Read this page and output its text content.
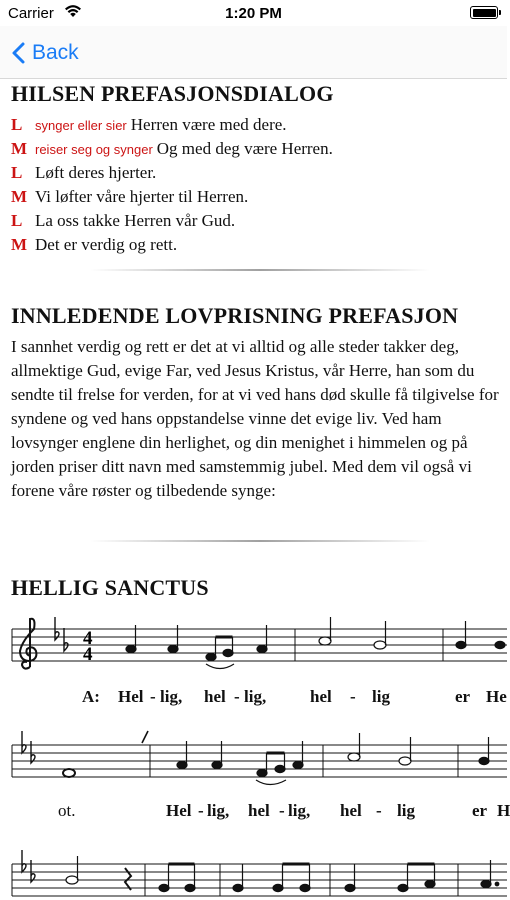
Carrier	1:20 PM
Back
HILSEN PREFASJONSDIALOG
L synger eller sier Herren være med dere.
M reiser seg og synger Og med deg være Herren.
L Løft deres hjerter.
M Vi løfter våre hjerter til Herren.
L La oss takke Herren vår Gud.
M Det er verdig og rett.
INNLEDENDE LOVPRISNING PREFASJON

I sannhet verdig og rett er det at vi alltid og alle steder takker deg, allmektige Gud, evige Far, ved Jesus Kristus, vår Herre, han som du sendte til frelse for verden, for at vi ved hans død skulle få tilgivelse for syndene og ved hans oppstandelse vinne det evige liv. Ved ham lovsynger englene din herlighet, og din menighet i himmelen og på jorden priser ditt navn med samstemmig jubel. Med dem vil også vi forene våre røster og tilbedende synge:

HELLIG SANCTUS
4
4
A: Hel - lig, hel - lig,	hel - lig	er He
ot.	Hel - lig, hel - lig, hel - lig	er H
